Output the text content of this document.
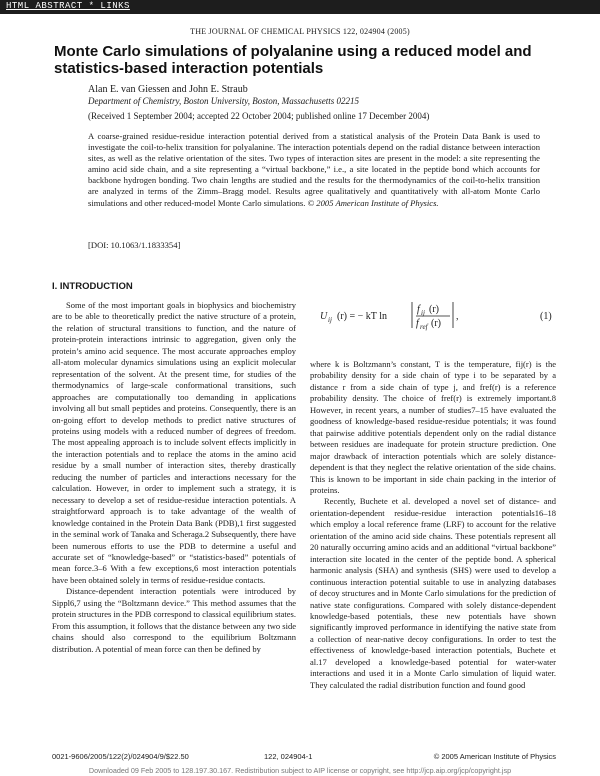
HTML ABSTRACT * LINKS
THE JOURNAL OF CHEMICAL PHYSICS 122, 024904 (2005)
Monte Carlo simulations of polyalanine using a reduced model and statistics-based interaction potentials
Alan E. van Giessen and John E. Straub
Department of Chemistry, Boston University, Boston, Massachusetts 02215
(Received 1 September 2004; accepted 22 October 2004; published online 17 December 2004)
A coarse-grained residue-residue interaction potential derived from a statistical analysis of the Protein Data Bank is used to investigate the coil-to-helix transition for polyalanine. The interaction potentials depend on the radial distance between interaction sites, as well as the relative orientation of the sites. Two types of interaction sites are present in the model: a site representing the amino acid side chain, and a site representing a “virtual backbone,” i.e., a site located in the peptide bond which accounts for backbone hydrogen bonding. Two chain lengths are studied and the results for the thermodynamics of the coil-to-helix transition are analyzed in terms of the Zimm–Bragg model. Results agree qualitatively and quantitatively with all-atom Monte Carlo simulations and other reduced-model Monte Carlo simulations. © 2005 American Institute of Physics.
[DOI: 10.1063/1.1833354]
I. INTRODUCTION

Some of the most important goals in biophysics and biochemistry are to be able to theoretically predict the native structure of a protein, the relation of structural transitions to function, and the nature of protein-protein interactions intrinsic to aggregation, given only the protein’s amino acid sequence. The most accurate approaches employ all-atom molecular dynamics simulations using an explicit molecular representation of the solvent. At the present time, for studies of the thermodynamics of large-scale conformational transitions, such approaches are computationally too demanding in applications involving all but small peptides and proteins. Consequently, there is an on-going effort to develop methods to predict native structures of proteins using models with a reduced number of degrees of freedom. The most appealing approach is to include solvent effects implicitly in the interaction potentials and to replace the atoms in the amino acid residue by a small number of interaction sites, thereby drastically reducing the number of particles and interactions necessary for the calculation. However, in order to implement such a strategy, it is necessary to develop a set of residue-residue interaction potentials. A straightforward approach is to take advantage of the wealth of knowledge contained in the Protein Data Bank (PDB),1 first suggested in the seminal work of Tanaka and Scheraga.2 Subsequently, there have been numerous efforts to use the PDB to determine a useful and accurate set of “knowledge-based” or “statistics-based” potentials of mean force.3–6 With a few exceptions,6 most interaction potentials have been obtained solely in terms of residue-residue contacts.

Distance-dependent interaction potentials were introduced by Sippl6,7 using the “Boltzmann device.” This method assumes that the protein structures in the PDB correspond to classical equilibrium states. From this assumption, it follows that the distance between any two side chains should also correspond to the equilibrium Boltzmann distribution. A potential of mean force can then be defined by

U ij (r) = − kT ln
f ij (r)
f ref (r)
,	(1)

where k is Boltzmann’s constant, T is the temperature, fij(r) is the probability density for a side chain of type i to be separated by a distance r from a side chain of type j, and fref(r) is a reference probability density. The choice of fref(r) is extremely important.8 However, in recent years, a number of studies7–15 have evaluated the goodness of knowledge-based residue-residue potentials; it was found that pairwise additive potentials dependent only on the radial distance between residues are inadequate for protein structure prediction. One major drawback of interaction potentials which are solely distance-dependent is that they neglect the relative orientation of the side chains. This is known to be important in side chain packing in the interior of proteins.

Recently, Buchete et al. developed a novel set of distance- and orientation-dependent residue-residue interaction potentials16–18 which employ a local reference frame (LRF) to account for the relative orientation of the amino acid side chains. These potentials represent all 20 naturally occurring amino acids and an additional “virtual backbone” interaction site located in the center of the peptide bond. A spherical harmonic analysis (SHA) and synthesis (SHS) were used to develop a continuous interaction potential suitable to use in analyzing databases of decoy structures and in Monte Carlo simulations for the prediction of native state configurations. Compared with solely distance-dependent knowledge-based potentials, these new potentials have shown significantly improved performance in identifying the native state from a collection of near-native decoy configurations. In order to test the effectiveness of knowledge-based interaction potentials, Buchete et al.17 developed a knowledge-based potential for water-water interactions and used it in a Monte Carlo simulation of liquid water. They calculated the radial distribution function and found good

0021-9606/2005/122(2)/024904/9/$22.50	122, 024904-1	© 2005 American Institute of Physics
Downloaded 09 Feb 2005 to 128.197.30.167. Redistribution subject to AIP license or copyright, see http://jcp.aip.org/jcp/copyright.jsp
